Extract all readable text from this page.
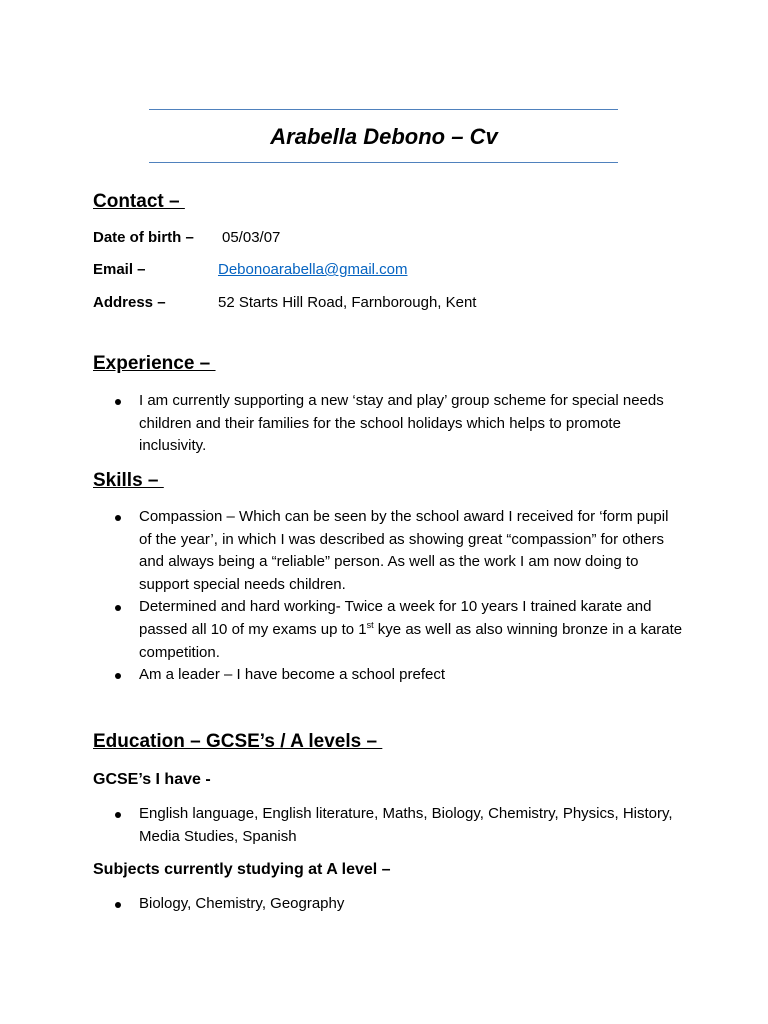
Arabella Debono – Cv
Contact –
Date of birth – 05/03/07
Email –	Debonoarabella@gmail.com
Address –	52 Starts Hill Road, Farnborough, Kent
Experience –
I am currently supporting a new ‘stay and play’ group scheme for special needs children and their families for the school holidays which helps to promote inclusivity.
Skills –
Compassion – Which can be seen by the school award I received for ‘form pupil of the year’, in which I was described as showing great “compassion” for others and always being a “reliable” person. As well as the work I am now doing to support special needs children.
Determined and hard working- Twice a week for 10 years I trained karate and passed all 10 of my exams up to 1st kye as well as also winning bronze in a karate competition.
Am a leader – I have become a school prefect
Education – GCSE’s / A levels –
GCSE’s I have -
English language, English literature, Maths, Biology, Chemistry, Physics, History, Media Studies, Spanish
Subjects currently studying at A level –
Biology, Chemistry, Geography
